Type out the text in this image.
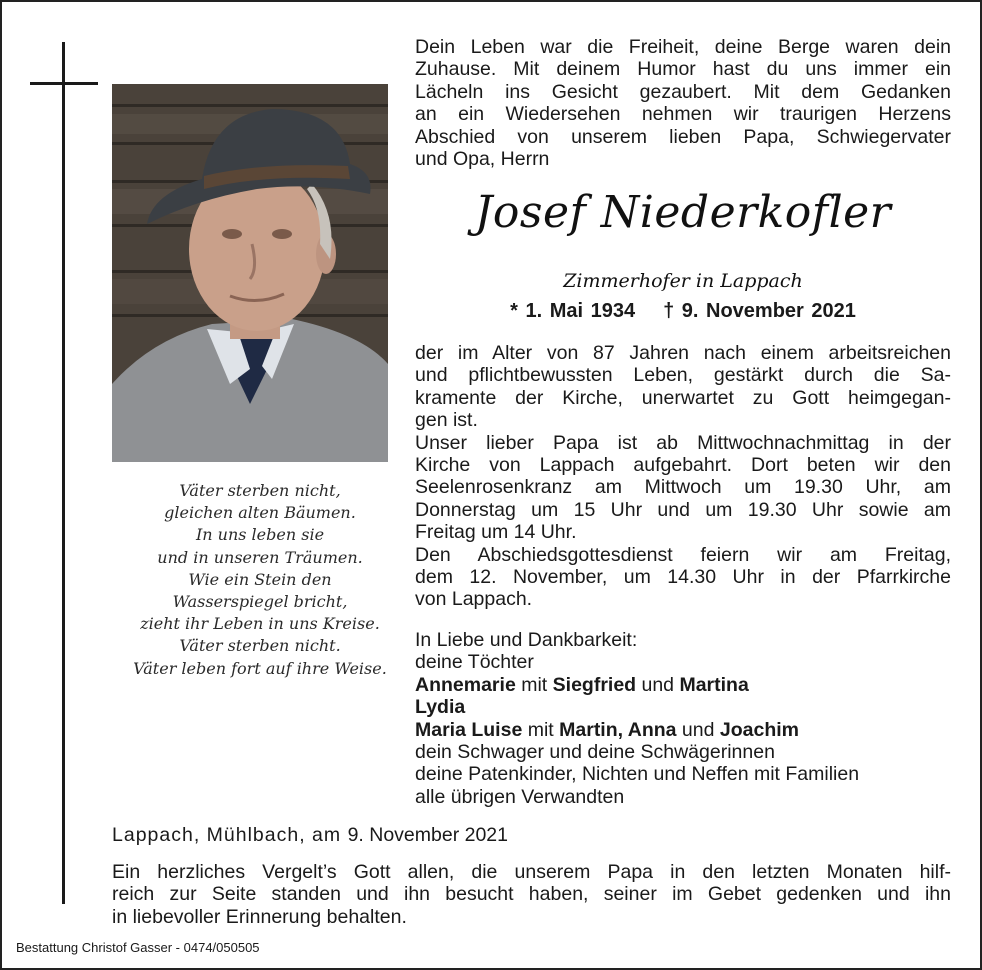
Väter sterben nicht,
gleichen alten Bäumen.
In uns leben sie
und in unseren Träumen.
Wie ein Stein den
Wasserspiegel bricht,
zieht ihr Leben in uns Kreise.
Väter sterben nicht.
Väter leben fort auf ihre Weise.
Dein Leben war die Freiheit, deine Berge waren dein
Zuhause. Mit deinem Humor hast du uns immer ein
Lächeln ins Gesicht gezaubert. Mit dem Gedanken
an ein Wiedersehen nehmen wir traurigen Herzens
Abschied von unserem lieben Papa, Schwiegervater
und Opa, Herrn
Josef Niederkofler
Zimmerhofer in Lappach
* 1. Mai 1934 † 9. November 2021
der im Alter von 87 Jahren nach einem arbeitsreichen
und pflichtbewussten Leben, gestärkt durch die Sa-
kramente der Kirche, unerwartet zu Gott heimgegan-
gen ist.
Unser lieber Papa ist ab Mittwochnachmittag in der
Kirche von Lappach aufgebahrt. Dort beten wir den
Seelenrosenkranz am Mittwoch um 19.30 Uhr, am
Donnerstag um 15 Uhr und um 19.30 Uhr sowie am
Freitag um 14 Uhr.
Den Abschiedsgottesdienst feiern wir am Freitag,
dem 12. November, um 14.30 Uhr in der Pfarrkirche
von Lappach.
In Liebe und Dankbarkeit:
deine Töchter
Annemarie mit Siegfried und Martina
Lydia
Maria Luise mit Martin, Anna und Joachim
dein Schwager und deine Schwägerinnen
deine Patenkinder, Nichten und Neffen mit Familien
alle übrigen Verwandten
Lappach, Mühlbach, am 9. November 2021
Ein herzliches Vergelt’s Gott allen, die unserem Papa in den letzten Monaten hilf-
reich zur Seite standen und ihn besucht haben, seiner im Gebet gedenken und ihn
in liebevoller Erinnerung behalten.
Bestattung Christof Gasser - 0474/050505
